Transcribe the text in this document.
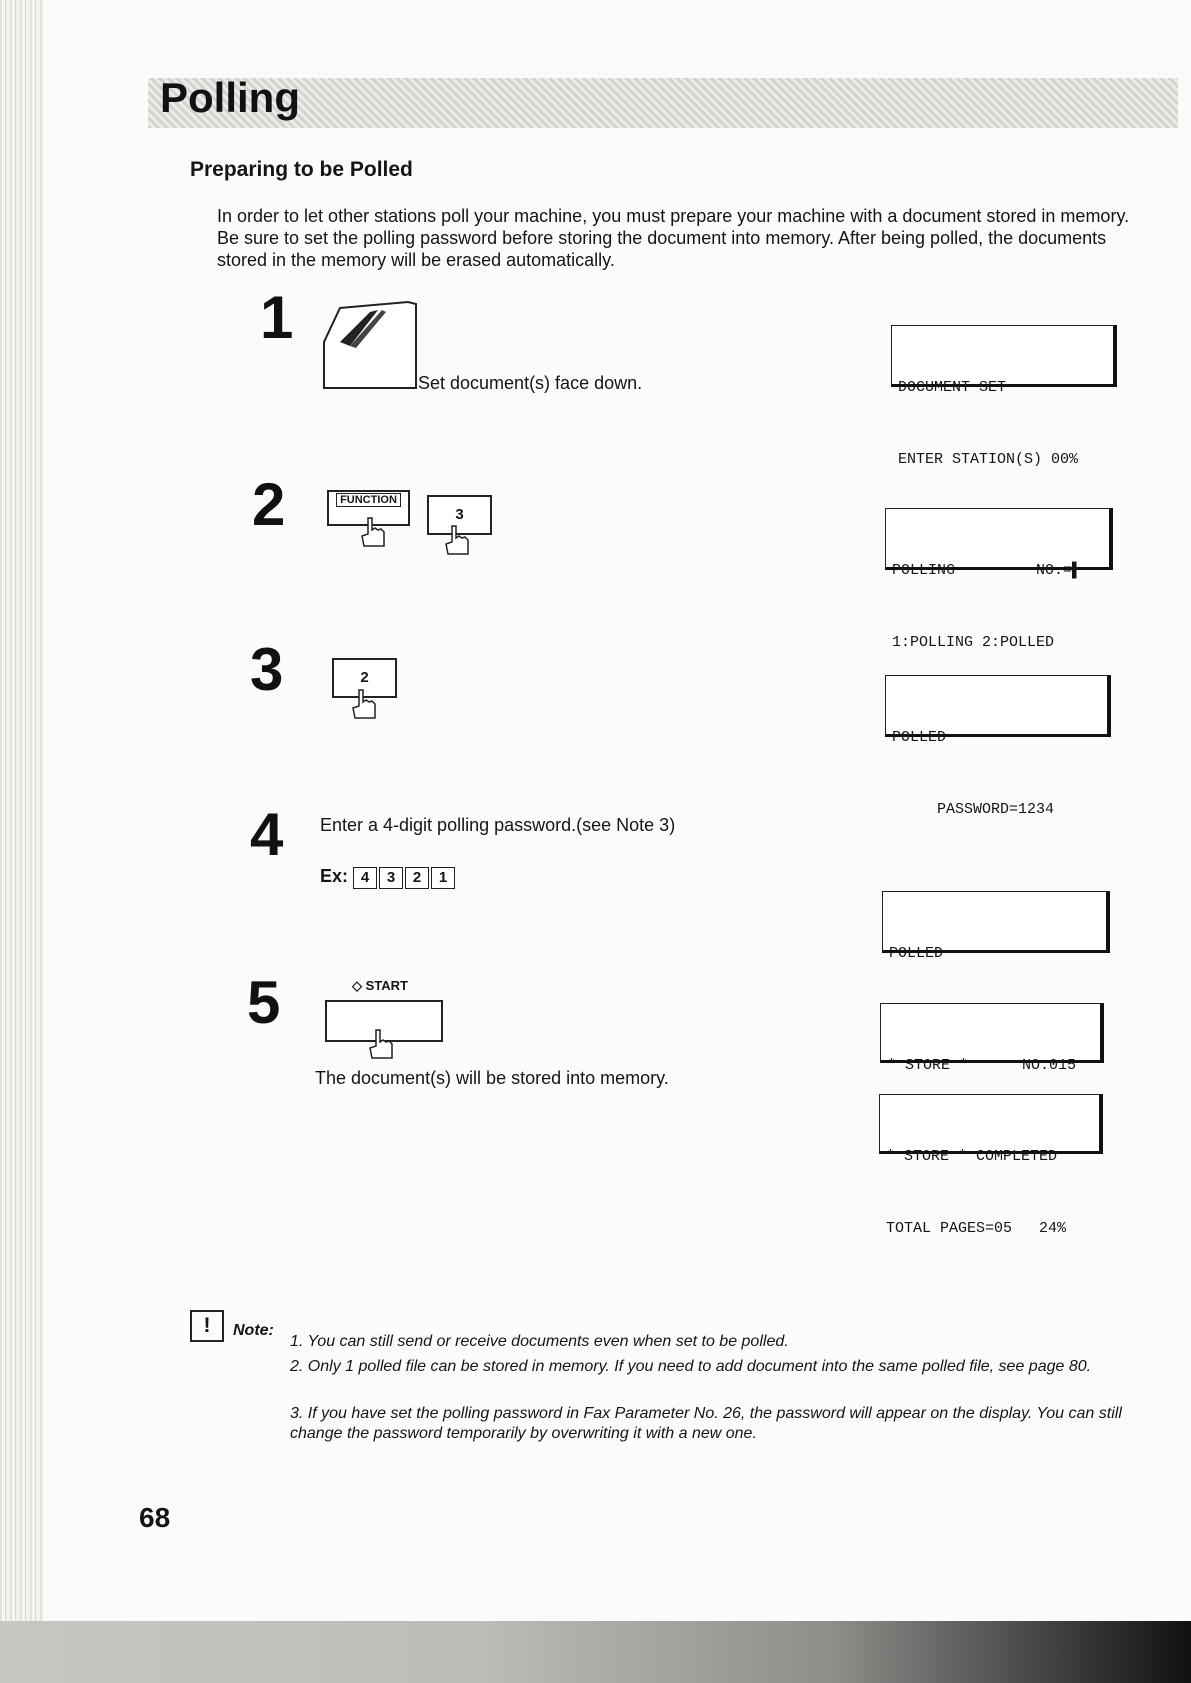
Polling
Preparing to be Polled
In order to let other stations poll your machine, you must prepare your machine with a document stored in memory. Be sure to set the polling password before storing the document into memory. After being polled, the documents stored in the memory will be erased automatically.
1
Set document(s) face down.

	DOCUMENT SET

ENTER STATION(S) 00%

2	FUNCTION
3

POLLING         NO.=▌

1:POLLING 2:POLLED

3	2

POLLED

PASSWORD=1234

4 Enter a 4-digit polling password.(see Note 3)
Ex: 4 3 2 1

POLLED

5	◇ START
The document(s) will be stored into memory.

* STORE *      NO.015

* STORE * COMPLETED

TOTAL PAGES=05   24%

!	Note:
1. You can still send or receive documents even when set to be polled.
2. Only 1 polled file can be stored in memory. If you need to add document into the same polled file, see page 80.
3. If you have set the polling password in Fax Parameter No. 26, the password will appear on the display. You can still change the password temporarily by overwriting it with a new one.
68
